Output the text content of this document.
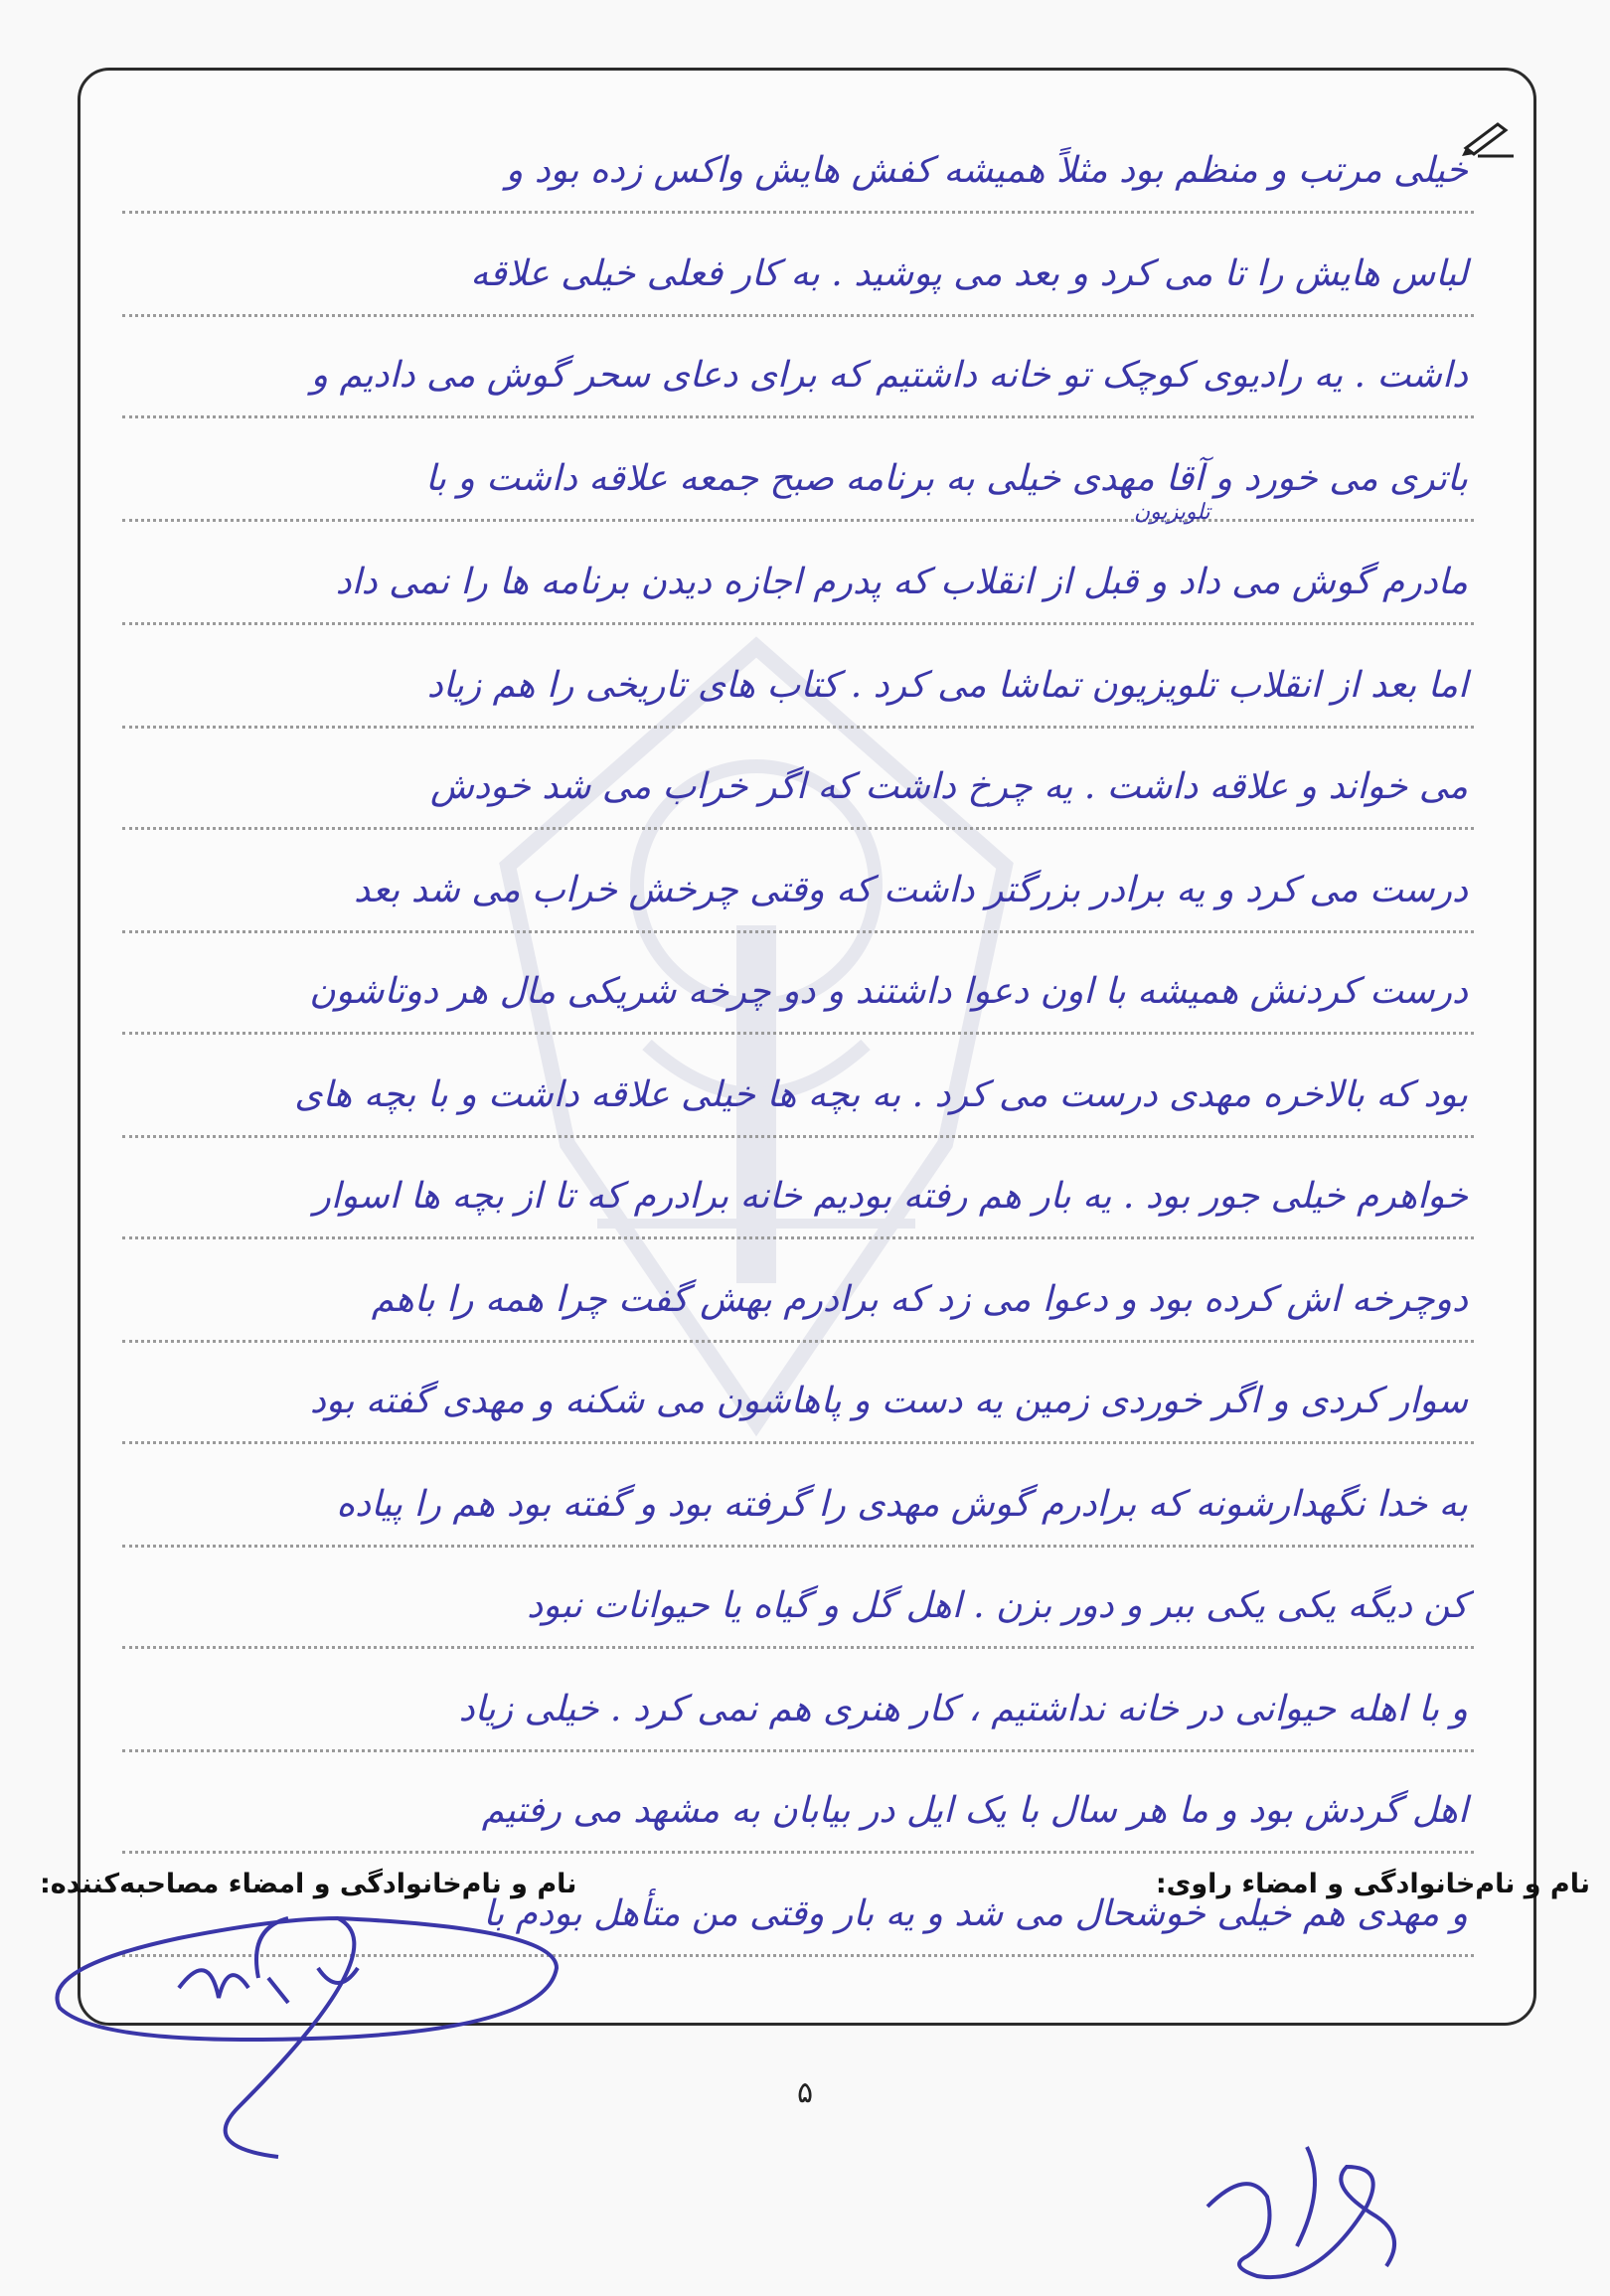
خیلی مرتب و منظم بود مثلاً همیشه کفش هایش واکس زده بود و
لباس هایش را تا می کرد و بعد می پوشید . به کار فعلی خیلی علاقه
داشت . یه رادیوی کوچک تو خانه داشتیم که برای دعای سحر گوش می دادیم و
باتری می خورد و آقا مهدی خیلی به برنامه صبح جمعه علاقه داشت و با
تلویزیون
مادرم گوش می داد و قبل از انقلاب که پدرم اجازه دیدن برنامه ها را نمی داد
اما بعد از انقلاب تلویزیون تماشا می کرد . کتاب های تاریخی را هم زیاد
می خواند و علاقه داشت . یه چرخ داشت که اگر خراب می شد خودش
درست می کرد و یه برادر بزرگتر داشت که وقتی چرخش خراب می شد بعد
درست کردنش همیشه با اون دعوا داشتند و دو چرخه شریکی مال هر دوتاشون
بود که بالاخره مهدی درست می کرد . به بچه ها خیلی علاقه داشت و با بچه های
خواهرم خیلی جور بود . یه بار هم رفته بودیم خانه برادرم که تا از بچه ها اسوار
دوچرخه اش کرده بود و دعوا می زد که برادرم بهش گفت چرا همه را باهم
سوار کردی و اگر خوردی زمین یه دست و پاهاشون می شکنه و مهدی گفته بود
به خدا نگهدارشونه که برادرم گوش مهدی را گرفته بود و گفته بود هم را پیاده
کن دیگه یکی یکی ببر و دور بزن . اهل گل و گیاه یا حیوانات نبود
و با اهله حیوانی در خانه نداشتیم ، کار هنری هم نمی کرد . خیلی زیاد
اهل گردش بود و ما هر سال با یک ایل در بیابان به مشهد می رفتیم
و مهدی هم خیلی خوشحال می شد و یه بار وقتی من متأهل بودم با
نام و نام‌خانوادگی و امضاء راوی:
نام و نام‌خانوادگی و امضاء مصاحبه‌کننده:
۵
